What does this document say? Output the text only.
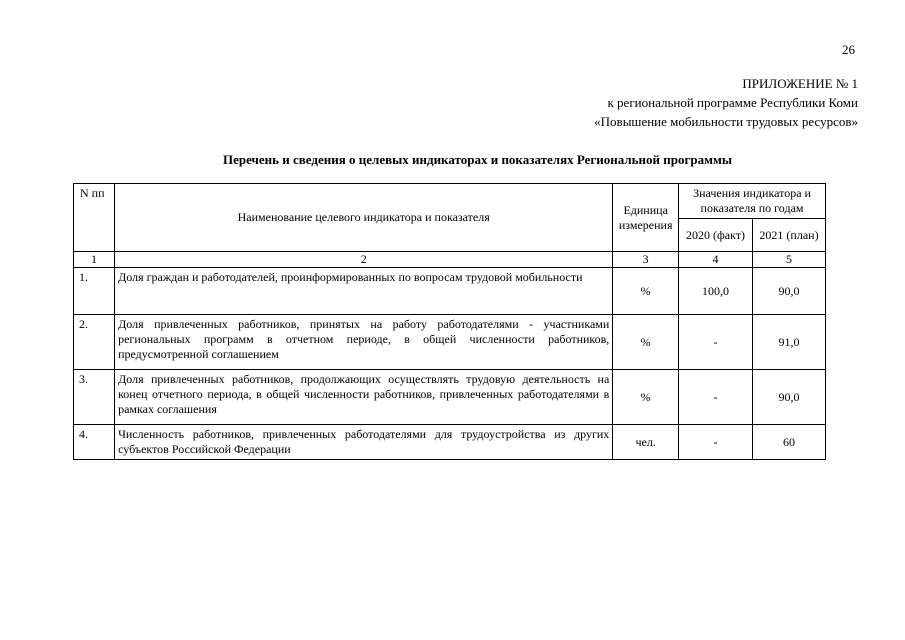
26
ПРИЛОЖЕНИЕ № 1
к региональной программе Республики Коми
«Повышение мобильности трудовых ресурсов»
Перечень и сведения о целевых индикаторах и показателях Региональной программы
N пп	Наименование целевого индикатора и показателя	Единица измерения	Значения индикатора и показателя по годам	
			2020 (факт)	2021 (план)
1	2	3	4	5
1.	Доля граждан и работодателей, проинформированных по вопросам трудовой мобильности	%	100,0	90,0
2.	Доля привлеченных работников, принятых на работу работодателями - участниками региональных программ в отчетном периоде, в общей численности работников, предусмотренной соглашением	%	-	91,0
3.	Доля привлеченных работников, продолжающих осуществлять трудовую деятельность на конец отчетного периода, в общей численности работников, привлеченных работодателями в рамках соглашения	%	-	90,0
4.	Численность работников, привлеченных работодателями для трудоустройства из других субъектов Российской Федерации	чел.	-	60
